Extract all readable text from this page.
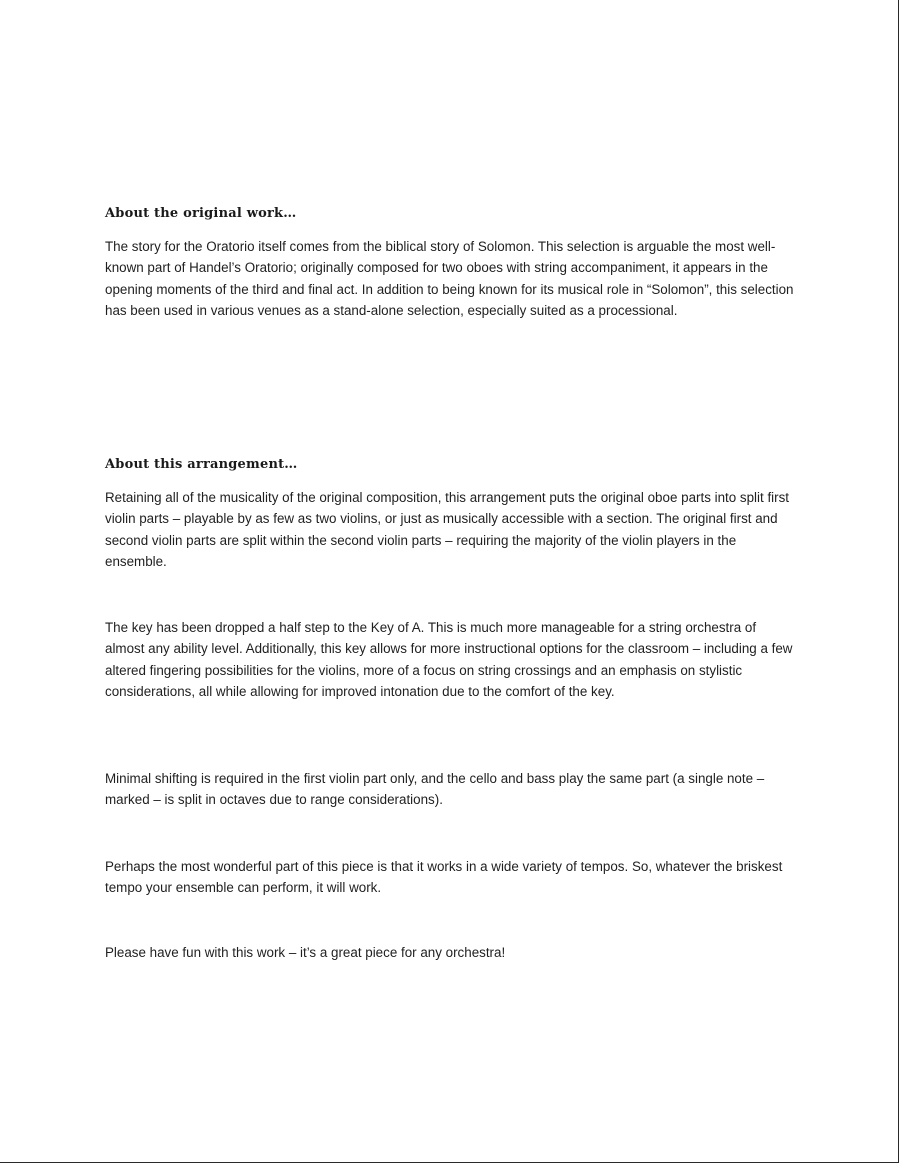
About the original work…

The story for the Oratorio itself comes from the biblical story of Solomon. This selection is arguable the most well-known part of Handel’s Oratorio; originally composed for two oboes with string accompaniment, it appears in the opening moments of the third and final act. In addition to being known for its musical role in “Solomon”, this selection has been used in various venues as a stand-alone selection, especially suited as a processional.

About this arrangement…

Retaining all of the musicality of the original composition, this arrangement puts the original oboe parts into split first violin parts – playable by as few as two violins, or just as musically accessible with a section. The original first and second violin parts are split within the second violin parts – requiring the majority of the violin players in the ensemble.

The key has been dropped a half step to the Key of A. This is much more manageable for a string orchestra of almost any ability level. Additionally, this key allows for more instructional options for the classroom – including a few altered fingering possibilities for the violins, more of a focus on string crossings and an emphasis on stylistic considerations, all while allowing for improved intonation due to the comfort of the key.

Minimal shifting is required in the first violin part only, and the cello and bass play the same part (a single note – marked – is split in octaves due to range considerations).

Perhaps the most wonderful part of this piece is that it works in a wide variety of tempos. So, whatever the briskest tempo your ensemble can perform, it will work.

Please have fun with this work – it’s a great piece for any orchestra!
